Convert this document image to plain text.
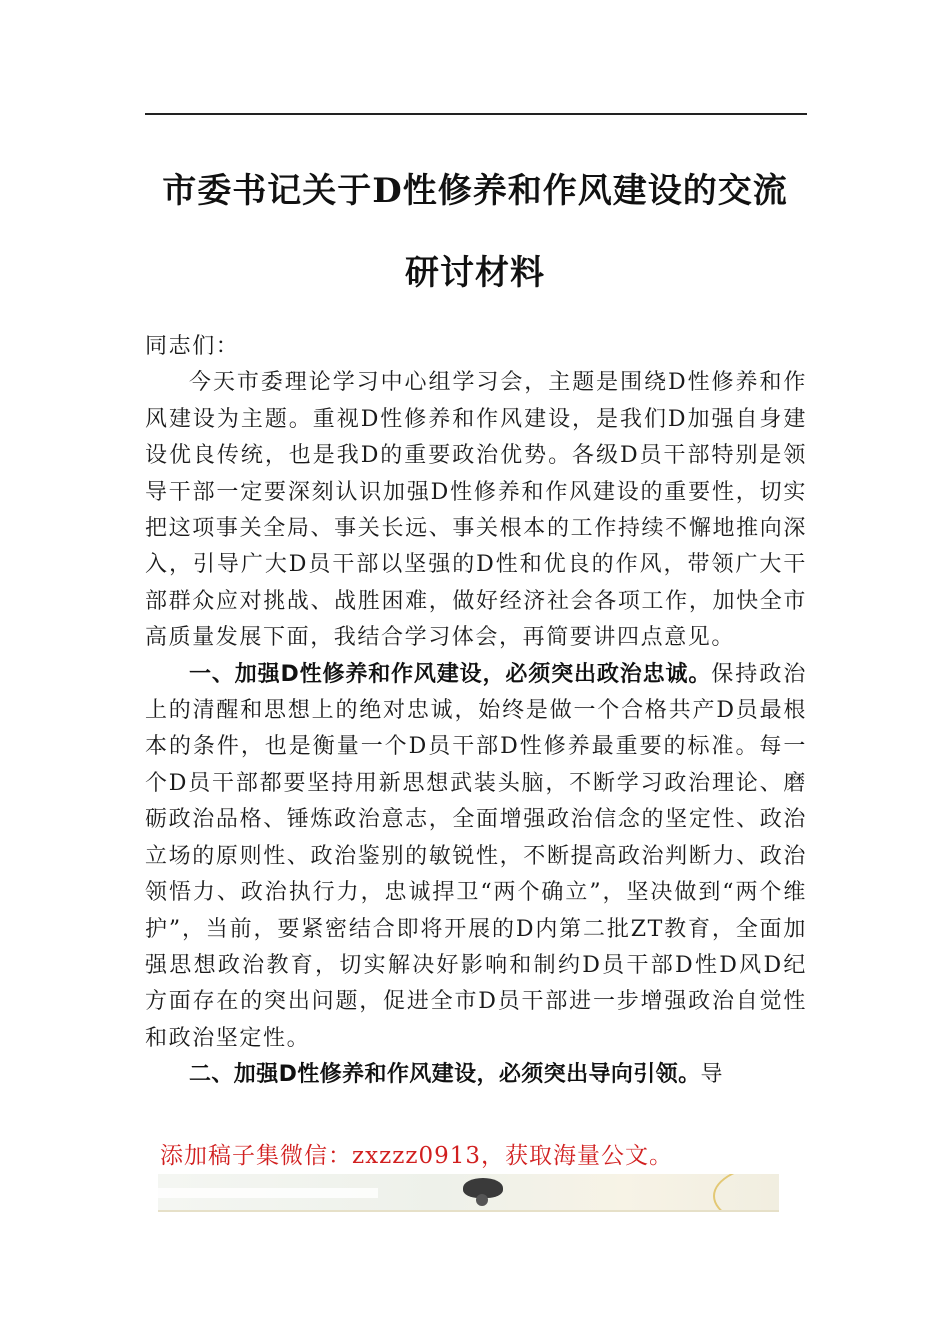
市委书记关于D性修养和作风建设的交流
研讨材料

同志们：

今天市委理论学习中心组学习会，主题是围绕D性修养和作风建设为主题。重视D性修养和作风建设，是我们D加强自身建设优良传统，也是我D的重要政治优势。各级D员干部特别是领导干部一定要深刻认识加强D性修养和作风建设的重要性，切实把这项事关全局、事关长远、事关根本的工作持续不懈地推向深入，引导广大D员干部以坚强的D性和优良的作风，带领广大干部群众应对挑战、战胜困难，做好经济社会各项工作，加快全市高质量发展下面，我结合学习体会，再简要讲四点意见。

一、加强D性修养和作风建设，必须突出政治忠诚。保持政治上的清醒和思想上的绝对忠诚，始终是做一个合格共产D员最根本的条件，也是衡量一个D员干部D性修养最重要的标准。每一个D员干部都要坚持用新思想武装头脑，不断学习政治理论、磨砺政治品格、锤炼政治意志，全面增强政治信念的坚定性、政治立场的原则性、政治鉴别的敏锐性，不断提高政治判断力、政治领悟力、政治执行力，忠诚捍卫“两个确立”，坚决做到“两个维护”，当前，要紧密结合即将开展的D内第二批ZT教育，全面加强思想政治教育，切实解决好影响和制约D员干部D性D风D纪方面存在的突出问题，促进全市D员干部进一步增强政治自觉性和政治坚定性。

二、加强D性修养和作风建设，必须突出导向引领。导

添加稿子集微信：zxzzz0913，获取海量公文。
